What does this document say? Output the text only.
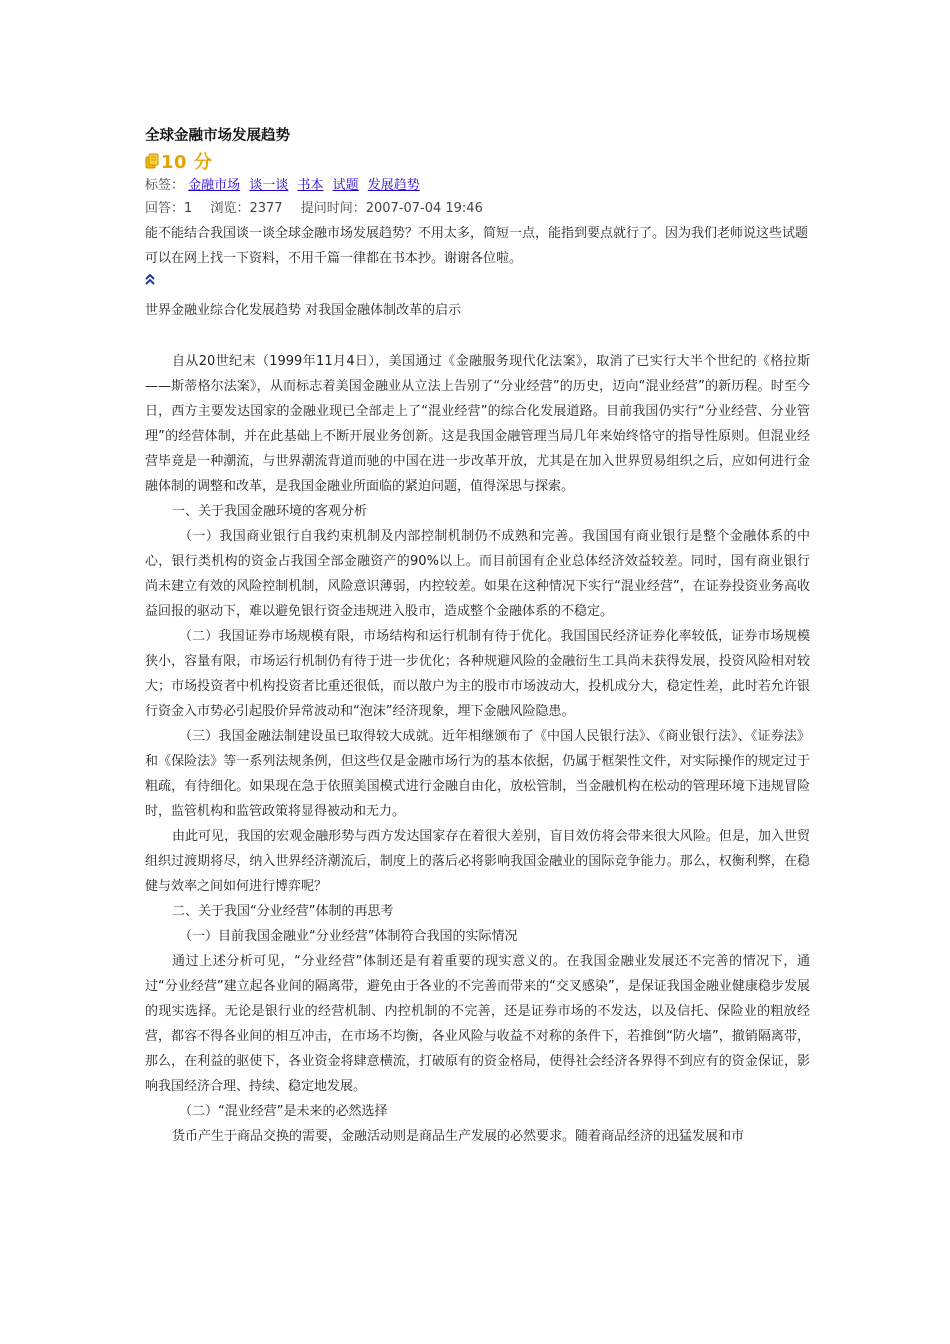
全球金融市场发展趋势
10 分
标签： 金融市场 谈一谈 书本 试题 发展趋势
回答：1 浏览：2377 提问时间：2007-07-04 19:46

能不能结合我国谈一谈全球金融市场发展趋势？不用太多，简短一点，能指到要点就行了。因为我们老师说这些试题可以在网上找一下资料，不用千篇一律都在书本抄。谢谢各位啦。

世界金融业综合化发展趋势 对我国金融体制改革的启示

自从20世纪末（1999年11月4日），美国通过《金融服务现代化法案》，取消了已实行大半个世纪的《格拉斯——斯蒂格尔法案》，从而标志着美国金融业从立法上告别了“分业经营”的历史，迈向“混业经营”的新历程。时至今日，西方主要发达国家的金融业现已全部走上了“混业经营”的综合化发展道路。目前我国仍实行“分业经营、分业管理”的经营体制，并在此基础上不断开展业务创新。这是我国金融管理当局几年来始终恪守的指导性原则。但混业经营毕竟是一种潮流，与世界潮流背道而驰的中国在进一步改革开放，尤其是在加入世界贸易组织之后，应如何进行金融体制的调整和改革，是我国金融业所面临的紧迫问题，值得深思与探索。

一、关于我国金融环境的客观分析

（一）我国商业银行自我约束机制及内部控制机制仍不成熟和完善。我国国有商业银行是整个金融体系的中心，银行类机构的资金占我国全部金融资产的90%以上。而目前国有企业总体经济效益较差。同时，国有商业银行尚未建立有效的风险控制机制，风险意识薄弱，内控较差。如果在这种情况下实行“混业经营”，在证券投资业务高收益回报的驱动下，难以避免银行资金违规进入股市，造成整个金融体系的不稳定。

（二）我国证券市场规模有限，市场结构和运行机制有待于优化。我国国民经济证券化率较低，证券市场规模狭小，容量有限，市场运行机制仍有待于进一步优化；各种规避风险的金融衍生工具尚未获得发展，投资风险相对较大；市场投资者中机构投资者比重还很低，而以散户为主的股市市场波动大，投机成分大，稳定性差，此时若允许银行资金入市势必引起股价异常波动和“泡沫”经济现象，埋下金融风险隐患。

（三）我国金融法制建设虽已取得较大成就。近年相继颁布了《中国人民银行法》、《商业银行法》、《证券法》和《保险法》等一系列法规条例，但这些仅是金融市场行为的基本依据，仍属于框架性文件，对实际操作的规定过于粗疏，有待细化。如果现在急于依照美国模式进行金融自由化，放松管制，当金融机构在松动的管理环境下违规冒险时，监管机构和监管政策将显得被动和无力。

由此可见，我国的宏观金融形势与西方发达国家存在着很大差别，盲目效仿将会带来很大风险。但是，加入世贸组织过渡期将尽，纳入世界经济潮流后，制度上的落后必将影响我国金融业的国际竞争能力。那么，权衡利弊，在稳健与效率之间如何进行博弈呢？

二、关于我国“分业经营”体制的再思考

（一）目前我国金融业“分业经营”体制符合我国的实际情况

通过上述分析可见，“分业经营”体制还是有着重要的现实意义的。在我国金融业发展还不完善的情况下，通过“分业经营”建立起各业间的隔离带，避免由于各业的不完善而带来的“交叉感染”，是保证我国金融业健康稳步发展的现实选择。无论是银行业的经营机制、内控机制的不完善，还是证券市场的不发达，以及信托、保险业的粗放经营，都容不得各业间的相互冲击，在市场不均衡，各业风险与收益不对称的条件下，若推倒“防火墙”，撤销隔离带，那么，在利益的驱使下，各业资金将肆意横流，打破原有的资金格局，使得社会经济各界得不到应有的资金保证，影响我国经济合理、持续、稳定地发展。

（二）“混业经营”是未来的必然选择

货币产生于商品交换的需要，金融活动则是商品生产发展的必然要求。随着商品经济的迅猛发展和市
